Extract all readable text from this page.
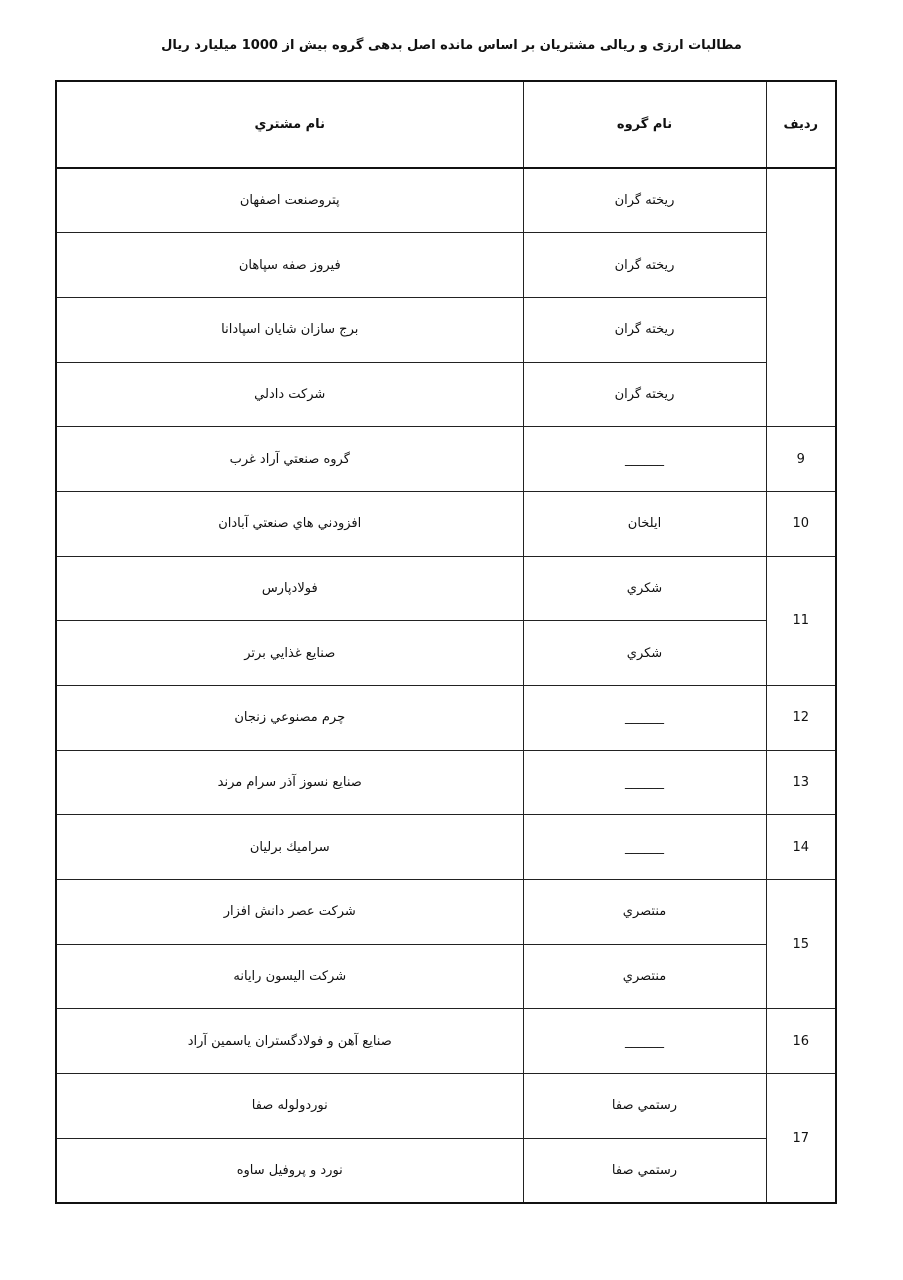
مطالبات ارزی و ریالی مشتریان بر اساس مانده اصل بدهی گروه بیش از 1000 میلیارد ریال
رديف	نام گروه	نام مشتري
	ريخته گران	پتروصنعت اصفهان
	ريخته گران	فيروز صفه سپاهان
	ريخته گران	برج سازان شايان اسپادانا
	ريخته گران	شركت دادلي
9	______	گروه صنعتي آراد غرب
10	ايلخان	افزودني هاي صنعتي آبادان
11	شكري	فولادپارس
	شكري	صنايع غذايي برتر
12	______	چرم مصنوعي زنجان
13	______	صنايع نسوز آذر سرام مرند
14	______	سراميك برليان
15	منتصري	شركت عصر دانش افزار
	منتصري	شركت اليسون رايانه
16	______	صنايع آهن و فولادگستران ياسمين آراد
17	رستمي صفا	نوردولوله صفا
	رستمي صفا	نورد و پروفيل ساوه
